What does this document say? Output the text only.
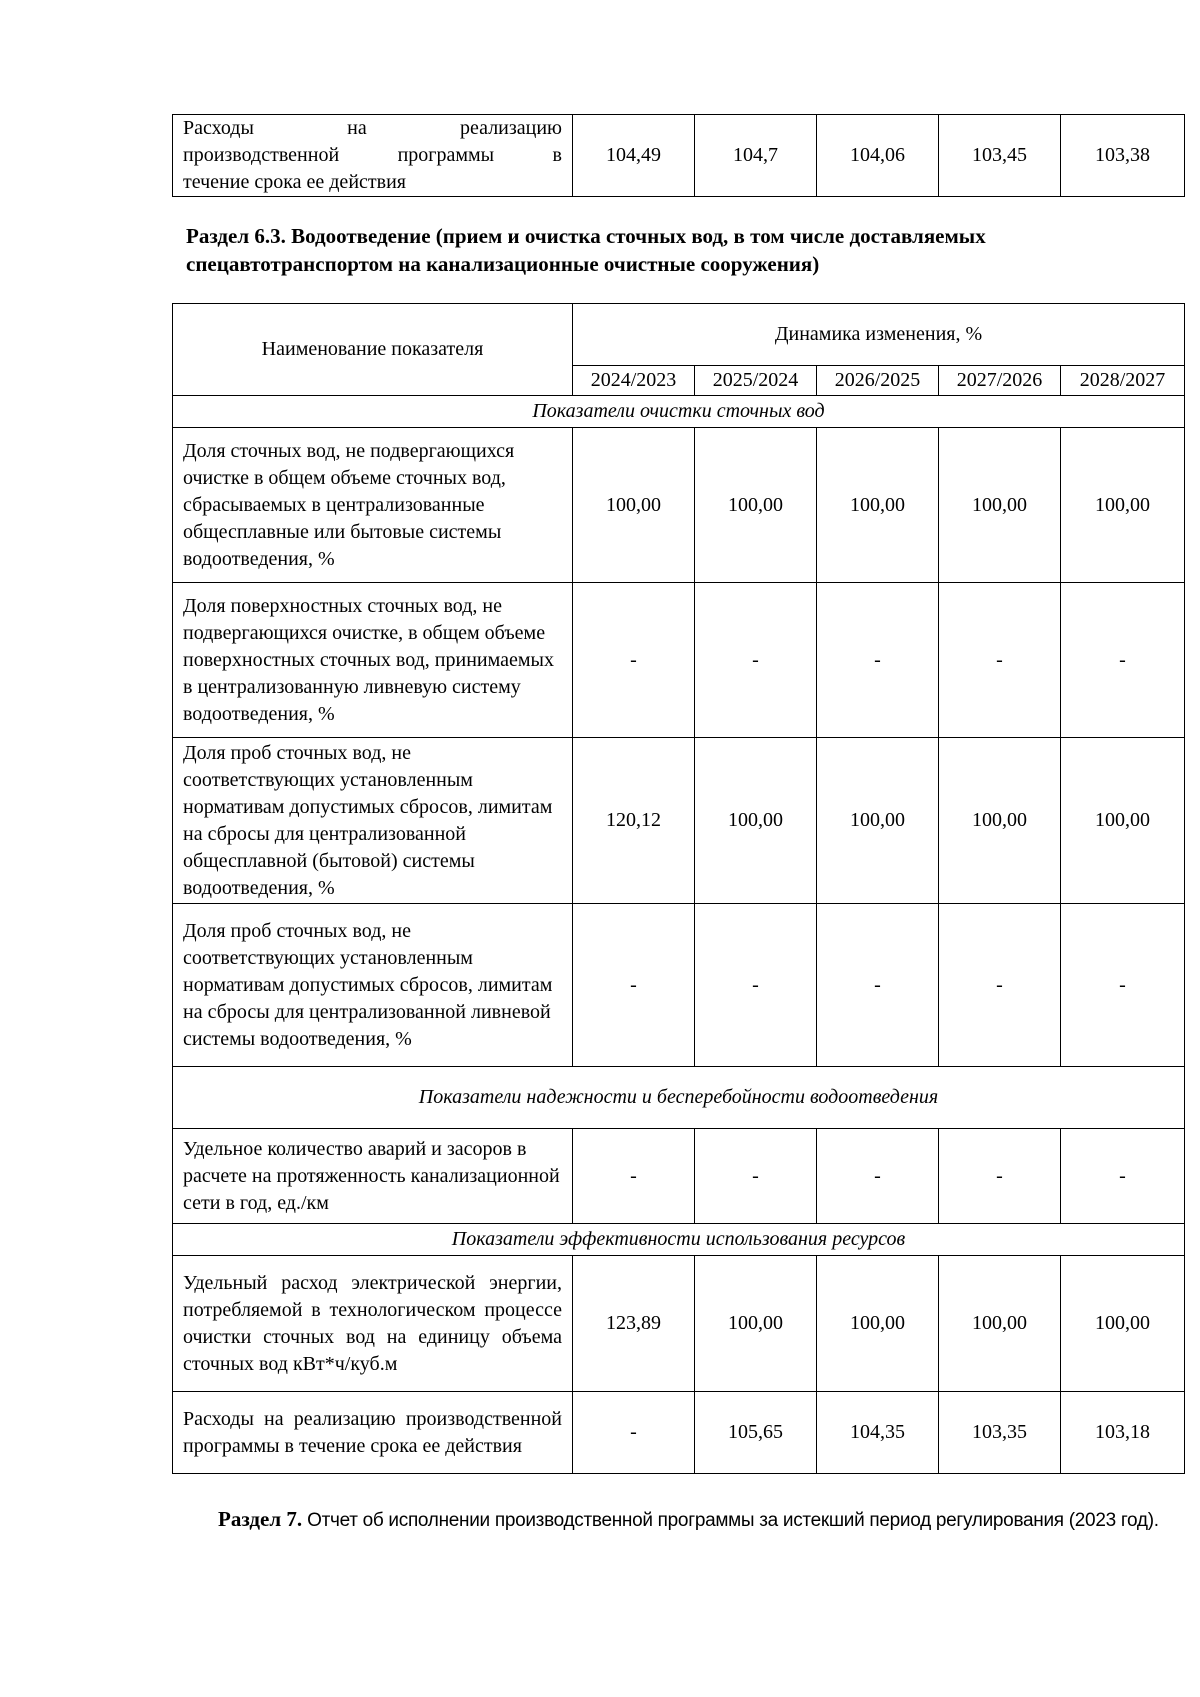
Расходы на реализацию
производственной программы в
течение срока ее действия
	104,49	104,7	104,06	103,45	103,38
Раздел 6.3. Водоотведение (прием и очистка сточных вод, в том числе доставляемых спецавтотранспортом на канализационные очистные сооружения)
Наименование показателя	Динамика изменения, %				
	2024/2023	2025/2024	2026/2025	2027/2026	2028/2027
Показатели очистки сточных вод					
Доля сточных вод, не подвергающихся очистке в общем объеме сточных вод, сбрасываемых в централизованные общесплавные или бытовые системы водоотведения, %	100,00	100,00	100,00	100,00	100,00
Доля поверхностных сточных вод, не подвергающихся очистке, в общем объеме поверхностных сточных вод, принимаемых в централизованную ливневую систему водоотведения, %	-	-	-	-	-
Доля проб сточных вод, не соответствующих установленным нормативам допустимых сбросов, лимитам на сбросы для централизованной общесплавной (бытовой) системы водоотведения, %	120,12	100,00	100,00	100,00	100,00
Доля проб сточных вод, не соответствующих установленным нормативам допустимых сбросов, лимитам на сбросы для централизованной ливневой системы водоотведения, %	-	-	-	-	-
Показатели надежности и бесперебойности водоотведения					
Удельное количество аварий и засоров в расчете на протяженность канализационной сети в год, ед./км	-	-	-	-	-
Показатели эффективности использования ресурсов					
Удельный расход электрической энергии, потребляемой в технологическом процессе очистки сточных вод на единицу объема сточных вод кВт*ч/куб.м	123,89	100,00	100,00	100,00	100,00
Расходы на реализацию производственной программы в течение срока ее действия	-	105,65	104,35	103,35	103,18
Раздел 7. Отчет об исполнении производственной программы за истекший период регулирования (2023 год).
